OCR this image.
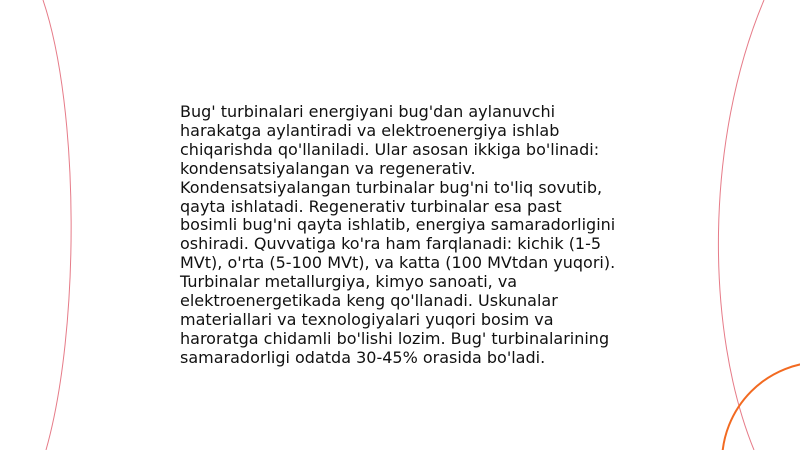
Bug' turbinalari energiyani bug'dan aylanuvchi
harakatga aylantiradi va elektroenergiya ishlab
chiqarishda qo'llaniladi. Ular asosan ikkiga bo'linadi:
kondensatsiyalangan va regenerativ.
Kondensatsiyalangan turbinalar bug'ni to'liq sovutib,
qayta ishlatadi. Regenerativ turbinalar esa past
bosimli bug'ni qayta ishlatib, energiya samaradorligini
oshiradi. Quvvatiga ko'ra ham farqlanadi: kichik (1-5
MVt), o'rta (5-100 MVt), va katta (100 MVtdan yuqori).
Turbinalar metallurgiya, kimyo sanoati, va
elektroenergetikada keng qo'llanadi. Uskunalar
materiallari va texnologiyalari yuqori bosim va
haroratga chidamli bo'lishi lozim. Bug' turbinalarining
samaradorligi odatda 30-45% orasida bo'ladi.
